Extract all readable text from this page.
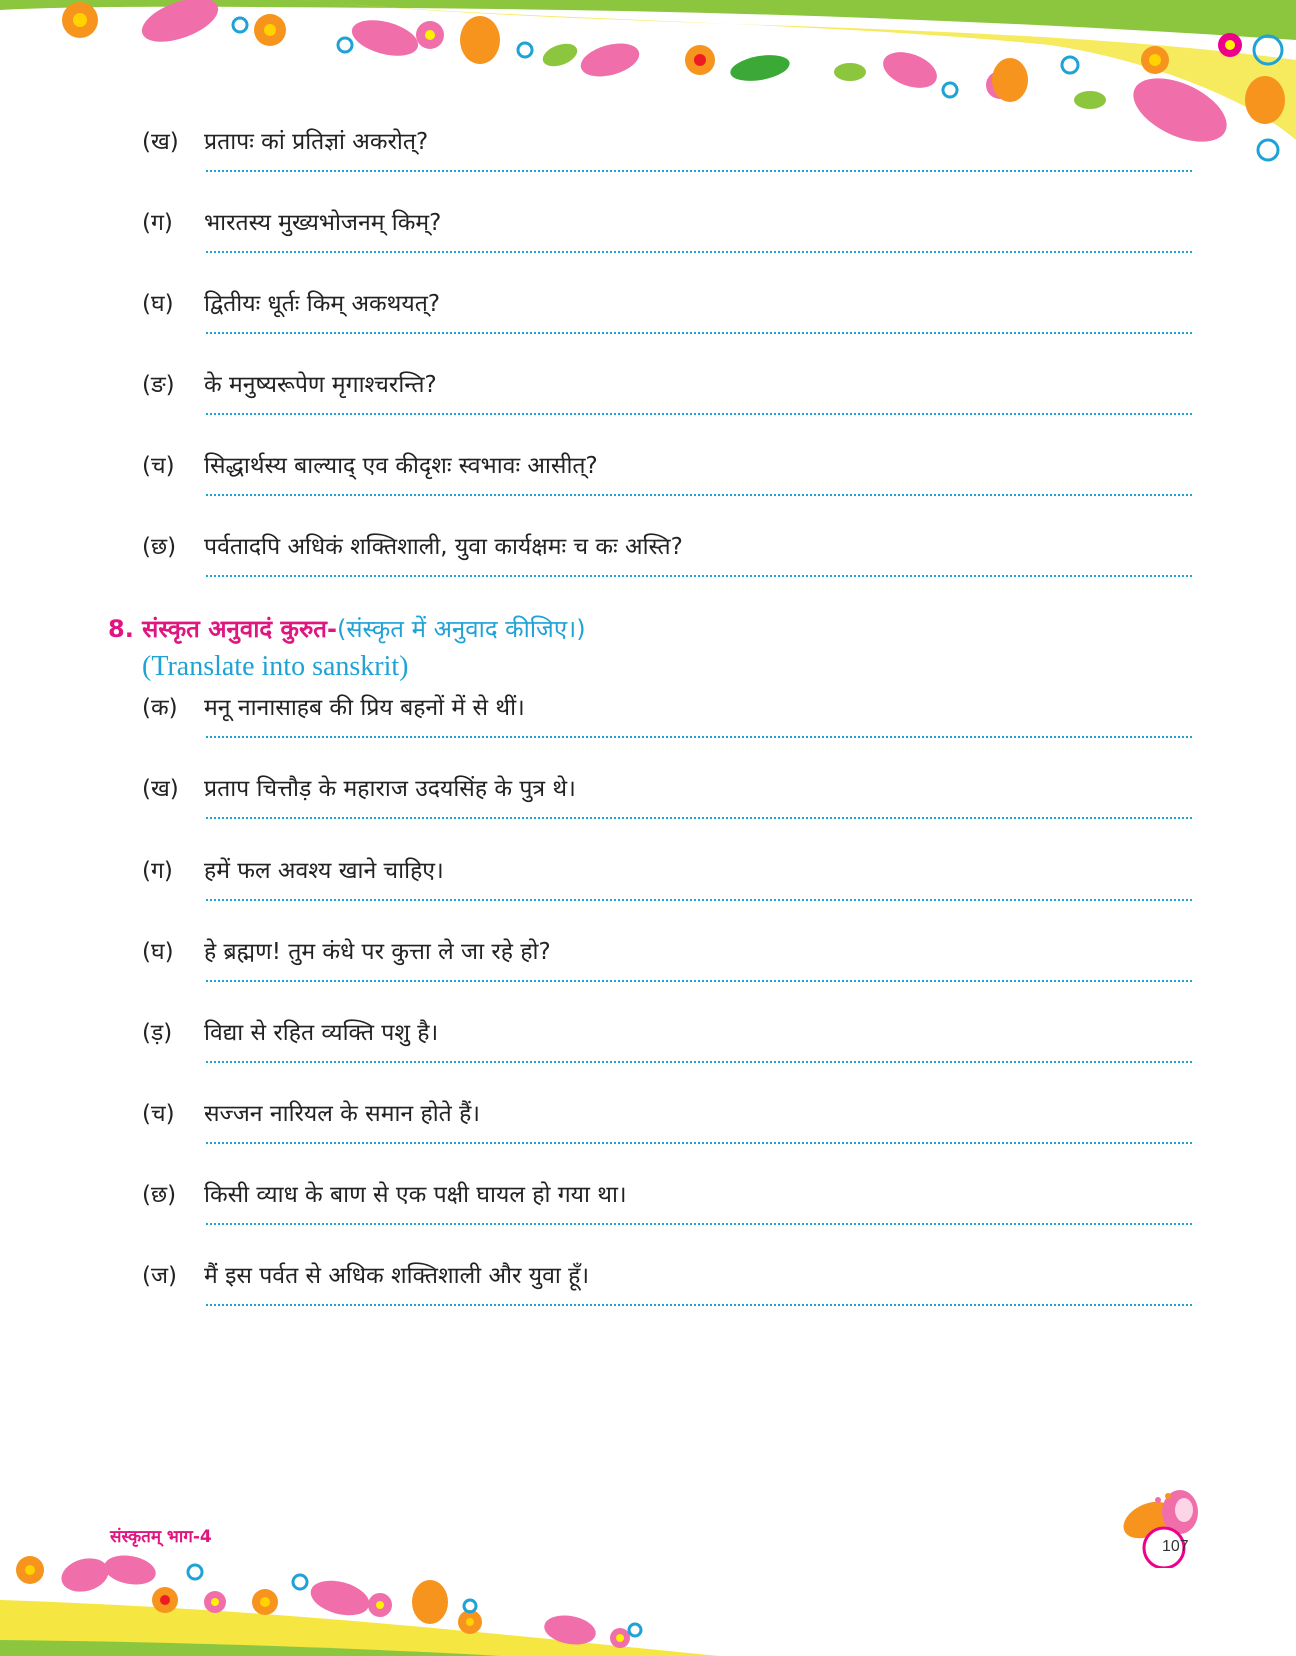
(ख)	प्रतापः कां प्रतिज्ञां अकरोत्?
(ग)	भारतस्य मुख्यभोजनम् किम्?
(घ)	द्वितीयः धूर्तः किम् अकथयत्?
(ङ)	के मनुष्यरूपेण मृगाश्चरन्ति?
(च)	सिद्धार्थस्य बाल्याद् एव कीदृशः स्वभावः आसीत्?
(छ)	पर्वतादपि अधिकं शक्तिशाली, युवा कार्यक्षमः च कः अस्ति?
8. संस्कृत अनुवादं कुरुत-(संस्कृत में अनुवाद कीजिए।)
(Translate into sanskrit)
(क)	मनू नानासाहब की प्रिय बहनों में से थीं।
(ख)	प्रताप चित्तौड़ के महाराज उदयसिंह के पुत्र थे।
(ग)	हमें फल अवश्य खाने चाहिए।
(घ)	हे ब्रह्मण! तुम कंधे पर कुत्ता ले जा रहे हो?
(ड़)	विद्या से रहित व्यक्ति पशु है।
(च)	सज्जन नारियल के समान होते हैं।
(छ)	किसी व्याध के बाण से एक पक्षी घायल हो गया था।
(ज)	मैं इस पर्वत से अधिक शक्तिशाली और युवा हूँ।
संस्कृतम् भाग-4	107
